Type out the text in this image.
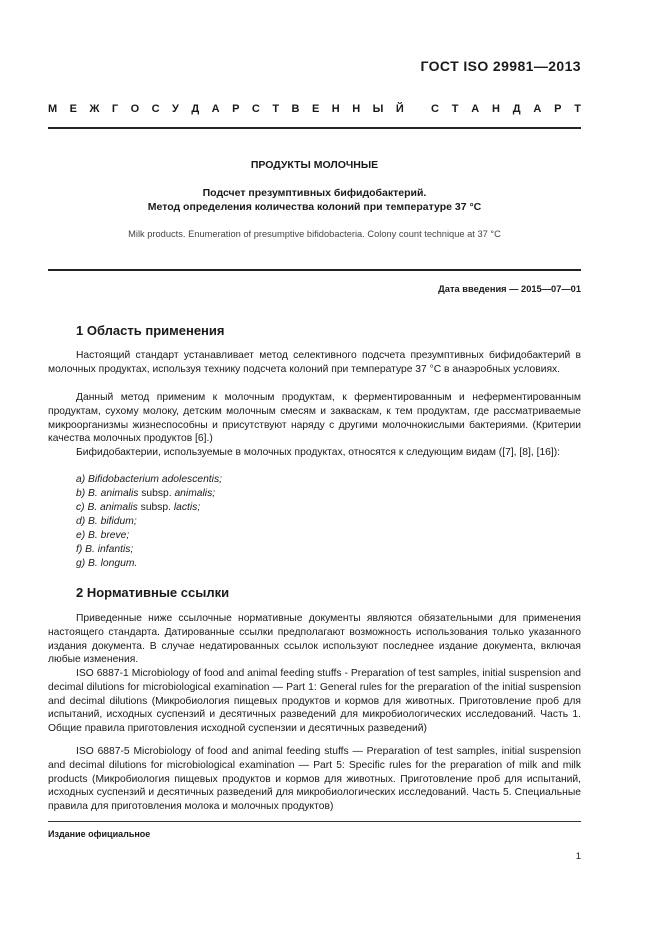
ГОСТ ISO 29981—2013
М Е Ж Г О С У Д А Р С Т В Е Н Н Ы Й С Т А Н Д А Р Т
ПРОДУКТЫ МОЛОЧНЫЕ
Подсчет презумптивных бифидобактерий.
Метод определения количества колоний при температуре 37 °C
Milk products. Enumeration of presumptive bifidobacteria. Colony count technique at 37 °C
Дата введения — 2015—07—01
1 Область применения
Настоящий стандарт устанавливает метод селективного подсчета презумптивных бифидобактерий в молочных продуктах, используя технику подсчета колоний при температуре 37 °C в анаэробных условиях.
Данный метод применим к молочным продуктам, к ферментированным и неферментированным продуктам, сухому молоку, детским молочным смесям и закваскам, к тем продуктам, где рассматриваемые микроорганизмы жизнеспособны и присутствуют наряду с другими молочнокислыми бактериями. (Критерии качества молочных продуктов [6].)
Бифидобактерии, используемые в молочных продуктах, относятся к следующим видам ([7], [8], [16]):
а) Bifidobacterium adolescentis;
b) B. animalis subsp. animalis;
c) B. animalis subsp. lactis;
d) B. bifidum;
e) B. breve;
f) B. infantis;
g) B. longum.
2 Нормативные ссылки
Приведенные ниже ссылочные нормативные документы являются обязательными для применения настоящего стандарта. Датированные ссылки предполагают возможность использования только указанного издания документа. В случае недатированных ссылок используют последнее издание документа, включая любые изменения.
ISO 6887-1 Microbiology of food and animal feeding stuffs - Preparation of test samples, initial suspension and decimal dilutions for microbiological examination — Part 1: General rules for the preparation of the initial suspension and decimal dilutions (Микробиология пищевых продуктов и кормов для животных. Приготовление проб для испытаний, исходных суспензий и десятичных разведений для микробиологических исследований. Часть 1. Общие правила приготовления исходной суспензии и десятичных разведений)
ISO 6887-5 Microbiology of food and animal feeding stuffs — Preparation of test samples, initial suspension and decimal dilutions for microbiological examination — Part 5: Specific rules for the preparation of milk and milk products (Микробиология пищевых продуктов и кормов для животных. Приготовление проб для испытаний, исходных суспензий и десятичных разведений для микробиологических исследований. Часть 5. Специальные правила для приготовления молока и молочных продуктов)
Издание официальное
1
